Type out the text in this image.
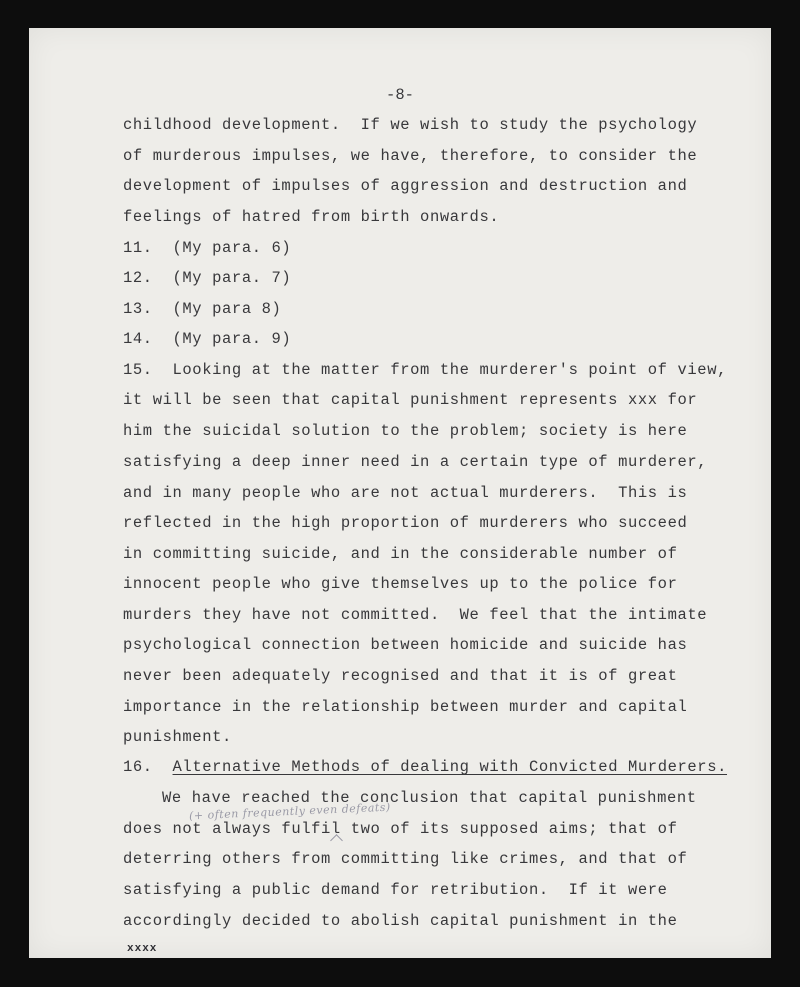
-8-
childhood development.  If we wish to study the psychology
of murderous impulses, we have, therefore, to consider the
development of impulses of aggression and destruction and
feelings of hatred from birth onwards.
11.  (My para. 6)
12.  (My para. 7)
13.  (My para 8)
14.  (My para. 9)
15.  Looking at the matter from the murderer's point of view,
it will be seen that capital punishment represents xxx for
him the suicidal solution to the problem; society is here
satisfying a deep inner need in a certain type of murderer,
and in many people who are not actual murderers.  This is
reflected in the high proportion of murderers who succeed
in committing suicide, and in the considerable number of
innocent people who give themselves up to the police for
murders they have not committed.  We feel that the intimate
psychological connection between homicide and suicide has
never been adequately recognised and that it is of great
importance in the relationship between murder and capital
punishment.
16. Alternative Methods of dealing with Convicted Murderers.
We have reached the conclusion that capital punishment
does not always fulfil two of its supposed aims; that of
deterring others from committing like crimes, and that of
satisfying a public demand for retribution.  If it were
accordingly decided to abolish capital punishment in the
(+ often frequently even defeats)
xxxx
